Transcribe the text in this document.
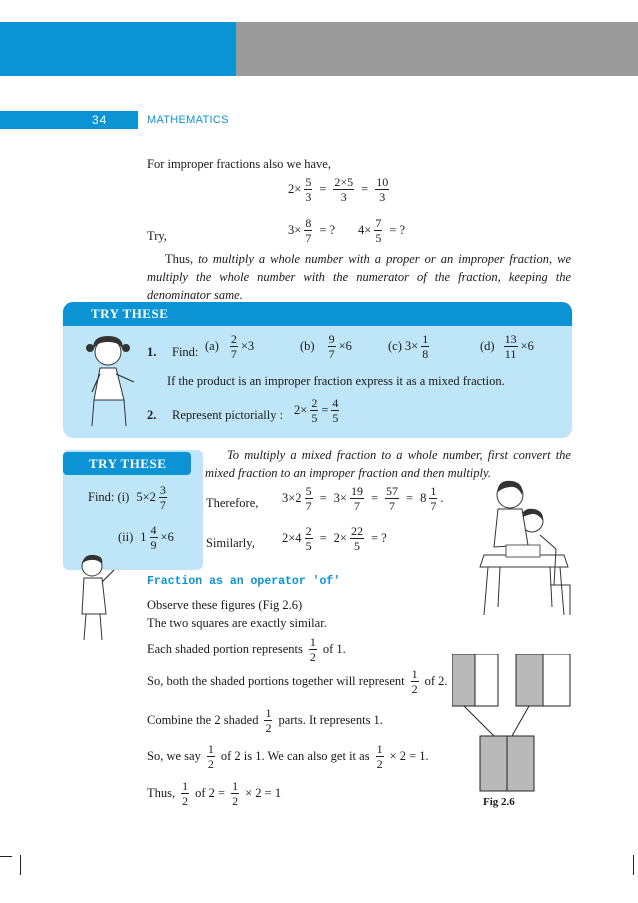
34	MATHEMATICS
For improper fractions also we have,
$2\times \frac{5}{3} = \frac{2\times 5}{3} = \frac{10}{3}$
Try,	$3\times \frac{8}{7}$ = ? $4\times \frac{7}{5}$ = ?
Thus, to multiply a whole number with a proper or an improper fraction, we multiply the whole number with the numerator of the fraction, keeping the denominator same.
TRY THESE
1. Find: $(a) \frac{2}{7} \times 3$	$(b) \frac{9}{7} \times 6$	(c) $3\times \frac{1}{8}$	$(d) \frac{13}{11} \times 6$
If the product is an improper fraction express it as a mixed fraction.
2. Represent pictorially : $2\times \frac{2}{5} = \frac{4}{5}$
TRY THESE
Find: (i) $5\times 2 \frac{3}{7}$
(ii) $1 \frac{4}{9} \times 6$
To multiply a mixed fraction to a whole number, first convert the mixed fraction to an improper fraction and then multiply.
Therefore, $3\times 2 \frac{5}{7} = 3\times \frac{19}{7} = \frac{57}{7} = 8 \frac{1}{7}$ .
Similarly, $2\times 4 \frac{2}{5} = 2\times \frac{22}{5}$ = ?
Fraction as an operator 'of'
Observe these figures (Fig 2.6)
The two squares are exactly similar.
Each shaded portion represents $\frac{1}{2}$ of 1.
So, both the shaded portions together will represent $\frac{1}{2}$ of 2.
Combine the 2 shaded $\frac{1}{2}$ parts. It represents 1.
So, we say $\frac{1}{2}$ of 2 is 1. We can also get it as $\frac{1}{2} \times 2 = 1$.
Thus, $\frac{1}{2}$ of $2 = \frac{1}{2} \times 2 = 1$
Fig 2.6
